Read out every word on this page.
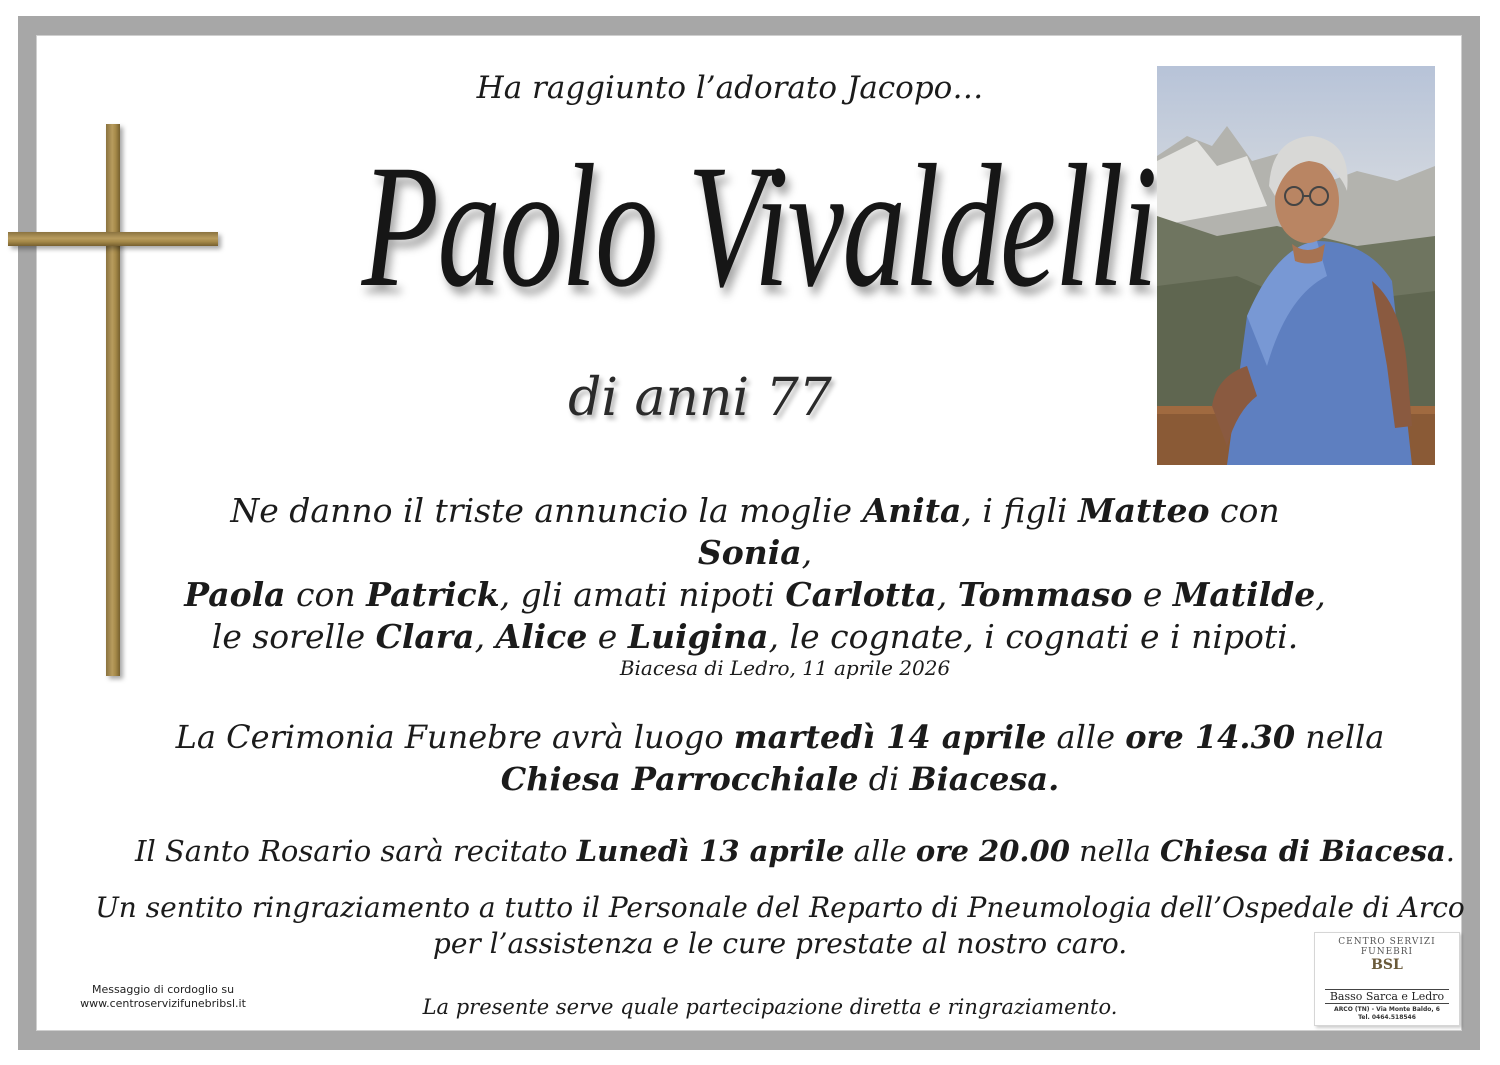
Ha raggiunto l’adorato Jacopo…
Paolo Vivaldelli
di anni 77
Ne danno il triste annuncio la moglie Anita, i figli Matteo con Sonia,
Paola con Patrick, gli amati nipoti Carlotta, Tommaso e Matilde,
le sorelle Clara, Alice e Luigina, le cognate, i cognati e i nipoti.
Biacesa di Ledro, 11 aprile 2026
La Cerimonia Funebre avrà luogo martedì 14 aprile alle ore 14.30 nella
Chiesa Parrocchiale di Biacesa.
Il Santo Rosario sarà recitato Lunedì 13 aprile alle ore 20.00 nella Chiesa di Biacesa.
Un sentito ringraziamento a tutto il Personale del Reparto di Pneumologia dell’Ospedale di Arco
per l’assistenza e le cure prestate al nostro caro.
La presente serve quale partecipazione diretta e ringraziamento.
Messaggio di cordoglio su
www.centroservizifunebribsl.it
CENTRO SERVIZI FUNEBRI
BSL
Basso Sarca e Ledro
ARCO (TN) - Via Monte Baldo, 6
Tel. 0464.518546
